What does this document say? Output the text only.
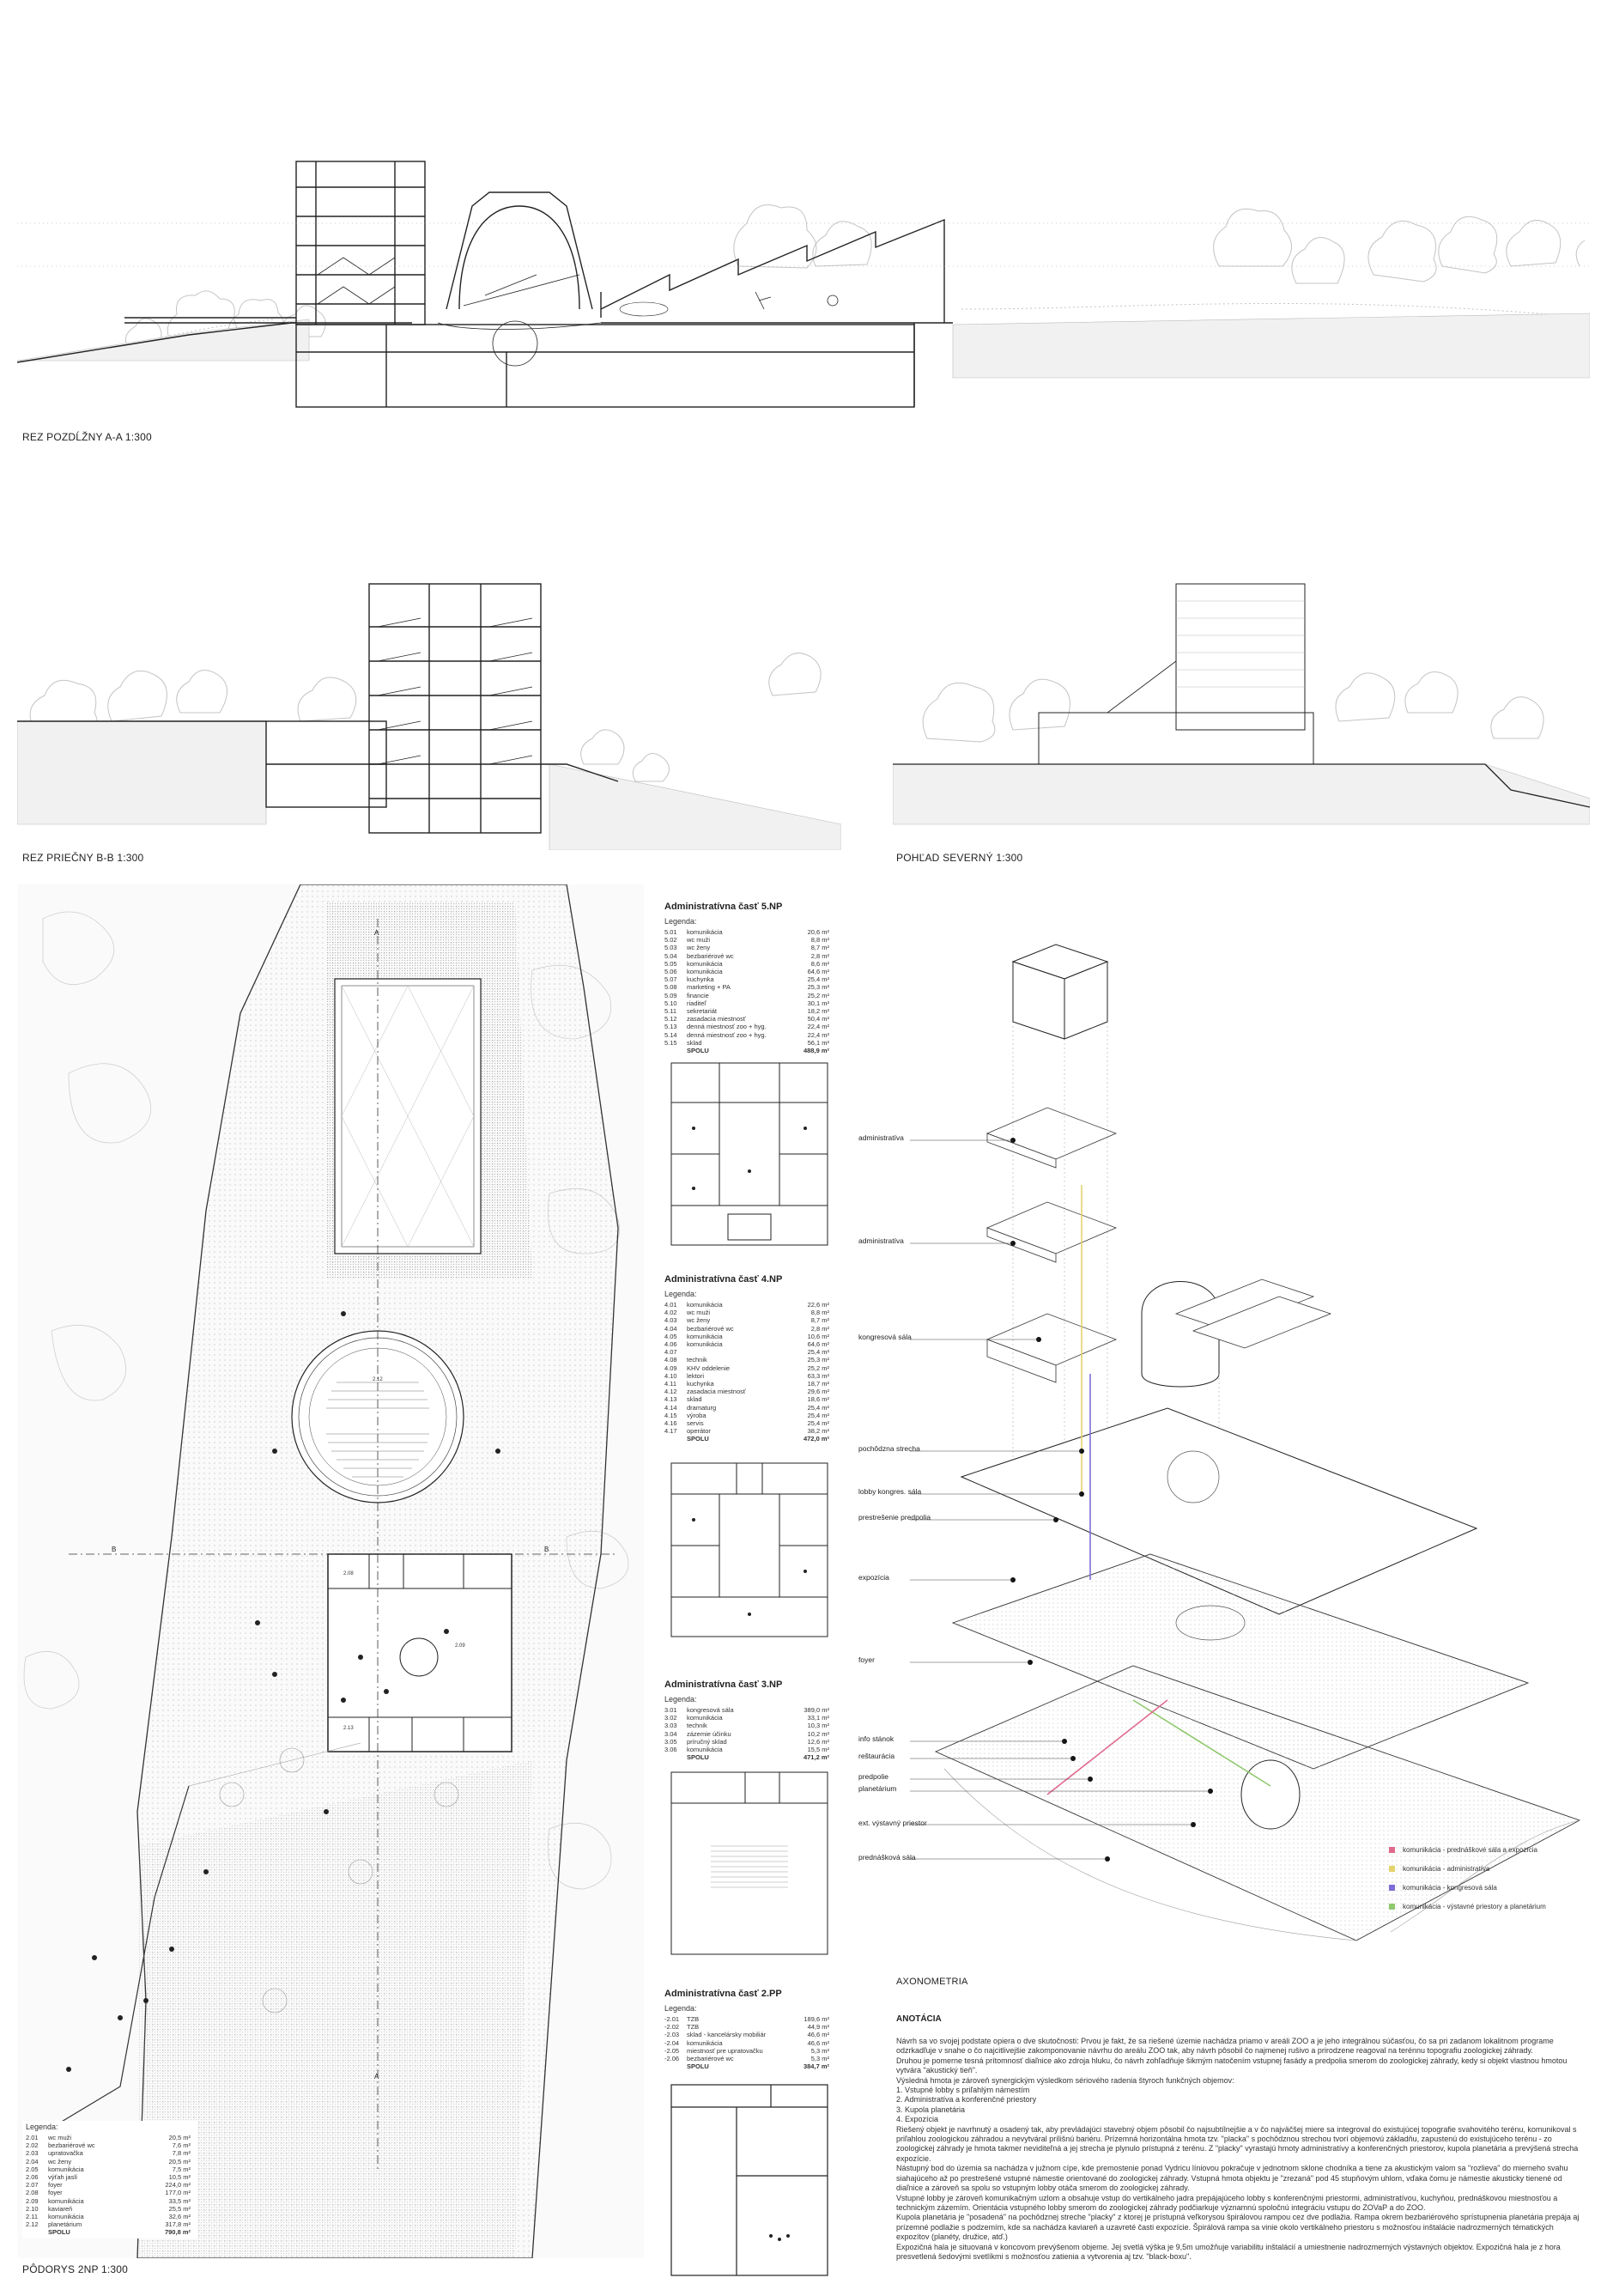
REZ POZDĹŽNY A-A 1:300
REZ PRIEČNY B-B 1:300	POHĽAD SEVERNÝ 1:300
A
A
B	B
2.12
2.08
2.09
2.13
Legenda:
2.01	wc muži	20,5 m²
2.02	bezbariérové wc	7,6 m²
2.03	upratovačka	7,8 m²
2.04	wc ženy	20,5 m²
2.05	komunikácia	7,5 m²
2.06	výťah jaslí	10,5 m²
2.07	foyer	224,0 m²
2.08	foyer	177,0 m²
2.09	komunikácia	33,5 m²
2.10	kaviareň	25,5 m²
2.11	komunikácia	32,6 m²
2.12	planetárium	317,8 m²
	SPOLU	790,8 m²
PÔDORYS 2NP 1:300
Administratívna časť 5.NP
Legenda:
5.01	komunikácia	20,6 m²
5.02	wc muži	8,8 m²
5.03	wc ženy	8,7 m²
5.04	bezbariérové wc	2,8 m²
5.05	komunikácia	8,6 m²
5.06	komunikácia	64,6 m²
5.07	kuchynka	25,4 m²
5.08	marketing + PA	25,3 m²
5.09	financie	25,2 m²
5.10	riaditeľ	30,1 m²
5.11	sekretariát	18,2 m²
5.12	zasadacia miestnosť	50,4 m²
5.13	denná miestnosť zoo + hyg.	22,4 m²
5.14	denná miestnosť zoo + hyg.	22,4 m²
5.15	sklad	56,1 m²
	SPOLU	488,9 m²
Administratívna časť 4.NP
Legenda:
4.01	komunikácia	22,6 m²
4.02	wc muži	8,8 m²
4.03	wc ženy	8,7 m²
4.04	bezbariérové wc	2,8 m²
4.05	komunikácia	10,6 m²
4.06	komunikácia	64,6 m²
4.07		25,4 m²
4.08	technik	25,3 m²
4.09	KHV oddelenie	25,2 m²
4.10	lektori	63,3 m²
4.11	kuchynka	18,7 m²
4.12	zasadacia miestnosť	29,6 m²
4.13	sklad	18,6 m²
4.14	dramaturg	25,4 m²
4.15	výroba	25,4 m²
4.16	servis	25,4 m²
4.17	operátor	38,2 m²
	SPOLU	472,0 m²
Administratívna časť 3.NP
Legenda:
3.01	kongresová sála	389,0 m²
3.02	komunikácia	33,1 m²
3.03	technik	10,3 m²
3.04	zázemie účinku	10,2 m²
3.05	príručný sklad	12,6 m²
3.06	komunikácia	15,5 m²
	SPOLU	471,2 m²
Administratívna časť 2.PP
Legenda:
-2.01	TZB	189,6 m²
-2.02	TZB	44,9 m²
-2.03	sklad - kancelársky mobiliár	46,6 m²
-2.04	komunikácia	46,6 m²
-2.05	miestnosť pre upratovačku	5,3 m²
-2.06	bezbariérové wc	5,3 m²
	SPOLU	384,7 m²
administratíva
administratíva
kongresová sála
pochôdzna strecha
lobby kongres. sála
prestrešenie predpolia
expozícia
foyer
info stánok
reštaurácia
predpolie
planetárium
ext. výstavný priestor
prednášková sála
komunikácia - prednáškové sála a expozícia
komunikácia - administratíva
komunikácia - kongresová sála
komunikácia - výstavné priestory a planetárium
AXONOMETRIA
ANOTÁCIA

Návrh sa vo svojej podstate opiera o dve skutočnosti: Prvou je fakt, že sa riešené územie nachádza priamo v areáli ZOO a je jeho integrálnou súčasťou, čo sa pri zadanom lokalitnom programe odzrkadľuje v snahe o čo najcitlivejšie zakomponovanie návrhu do areálu ZOO tak, aby návrh pôsobil čo najmenej rušivo a prirodzene reagoval na terénnu topografiu zoologickej záhrady.

Druhou je pomerne tesná prítomnosť diaľnice ako zdroja hluku, čo návrh zohľadňuje šikmým natočením vstupnej fasády a predpolia smerom do zoologickej záhrady, kedy si objekt vlastnou hmotou vytvára "akustický tieň".

Výsledná hmota je zároveň synergickým výsledkom sériového radenia štyroch funkčných objemov:

1. Vstupné lobby s priľahlým námestím

2. Administratíva a konferenčné priestory

3. Kupola planetária

4. Expozícia

Riešený objekt je navrhnutý a osadený tak, aby prevládajúci stavebný objem pôsobil čo najsubtílnejšie a v čo najväčšej miere sa integroval do existujúcej topografie svahovitého terénu, komunikoval s priľahlou zoologickou záhradou a nevytváral prílišnú bariéru. Prízemná horizontálna hmota tzv. "placka" s pochôdznou strechou tvorí objemovú základňu, zapustenú do existujúceho terénu - zo zoologickej záhrady je hmota takmer neviditeľná a jej strecha je plynulo prístupná z terénu. Z "placky" vyrastajú hmoty administratívy a konferenčných priestorov, kupola planetária a prevýšená strecha expozície.

Nástupný bod do územia sa nachádza v južnom cípe, kde premostenie ponad Vydricu líniovou pokračuje v jednotnom sklone chodníka a tiene za akustickým valom sa "rozlieva" do mierneho svahu siahajúceho až po prestrešené vstupné námestie orientované do zoologickej záhrady. Vstupná hmota objektu je "zrezaná" pod 45 stupňovým uhlom, vďaka čomu je námestie akusticky tienené od diaľnice a zároveň sa spolu so vstupným lobby otáča smerom do zoologickej záhrady.

Vstupné lobby je zároveň komunikačným uzlom a obsahuje vstup do vertikálneho jadra prepájajúceho lobby s konferenčnými priestormi, administratívou, kuchyňou, prednáškovou miestnosťou a technickým zázemím. Orientácia vstupného lobby smerom do zoologickej záhrady podčiarkuje významnú spoločnú integráciu vstupu do ZOVaP a do ZOO.

Kupola planetária je "posadená" na pochôdznej streche "placky" z ktorej je prístupná veľkorysou špirálovou rampou cez dve podlažia. Rampa okrem bezbariérového sprístupnenia planetária prepája aj prízemné podlažie s podzemím, kde sa nachádza kaviareň a uzavreté časti expozície. Špirálová rampa sa vinie okolo vertikálneho priestoru s možnosťou inštalácie nadrozmerných tématických expozítov (planéty, družice, atď.)

Expozičná hala je situovaná v koncovom prevýšenom objeme. Jej svetlá výška je 9,5m umožňuje variabilitu inštalácií a umiestnenie nadrozmerných výstavných objektov. Expozičná hala je z hora presvetlená šedovými svetlíkmi s možnosťou zatienia a vytvorenia aj tzv. "black-boxu".
